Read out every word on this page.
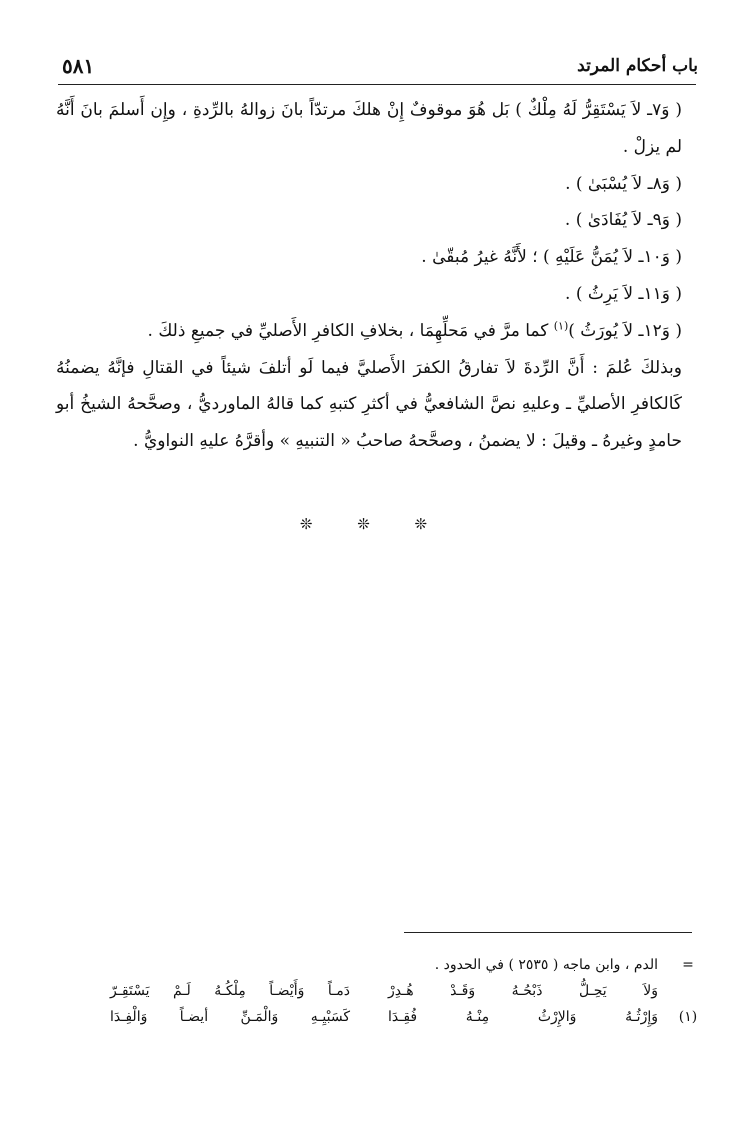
باب أحكام المرتد
٥٨١

( وَ٧ـ لاَ يَسْتَقِرُّ لَهُ مِلْكٌ ) بَل هُوَ موقوفٌ إِنْ هلكَ مرتدّاً بانَ زوالهُ بالرِّدةِ ، وإِن أَسلمَ بانَ أَنَّهُ لم يزلْ .

( وَ٨ـ لاَ يُسْبَىٰ ) .

( وَ٩ـ لاَ يُفَادَىٰ ) .

( وَ١٠ـ لاَ يُمَنُّ عَلَيْهِ ) ؛ لأَنَّهُ غيرُ مُبقّىٰ .

( وَ١١ـ لاَ يَرِثُ ) .

( وَ١٢ـ لاَ يُورَثُ )$^{(١)}$ كما مرَّ في مَحلِّهِمَا ، بخلافِ الكافرِ الأَصليِّ في جميعِ ذلكَ .

وبذلكَ عُلمَ : أَنَّ الرِّدةَ لاَ تفارقُ الكفرَ الأَصليَّ فيما لَو أتلفَ شيئاً في القتالِ فإنَّهُ يضمنُهُ كَالكافرِ الأصليِّ ـ وعليهِ نصَّ الشافعيُّ في أكثرِ كتبهِ كما قالهُ الماورديُّ ، وصحَّحهُ الشيخُ أبو حامدٍ وغيرهُ ـ وقيلَ : لا يضمنُ ، وصحَّحهُ صاحبُ « التنبيهِ » وأقرَّهُ عليهِ النواويُّ .

❊ ❊ ❊
=
الدم ، وابن ماجه ( ٢٥٣٥ ) في الحدود .
وَلاَ يَحِـلُّ ذَبْحُـهُ وَقَـدْ هُـدِرْ
دَمـاً وَأَيْضـاً مِلْكُـهُ لَـمْ يَسْتَقِـرّ
(١)
وَإِرْثُـهُ وَالإِرْثُ مِنْـهُ فُقِـدَا
كَسَبْيِـهِ وَالْمَـنِّ أيضـاً وَالْفِـدَا
